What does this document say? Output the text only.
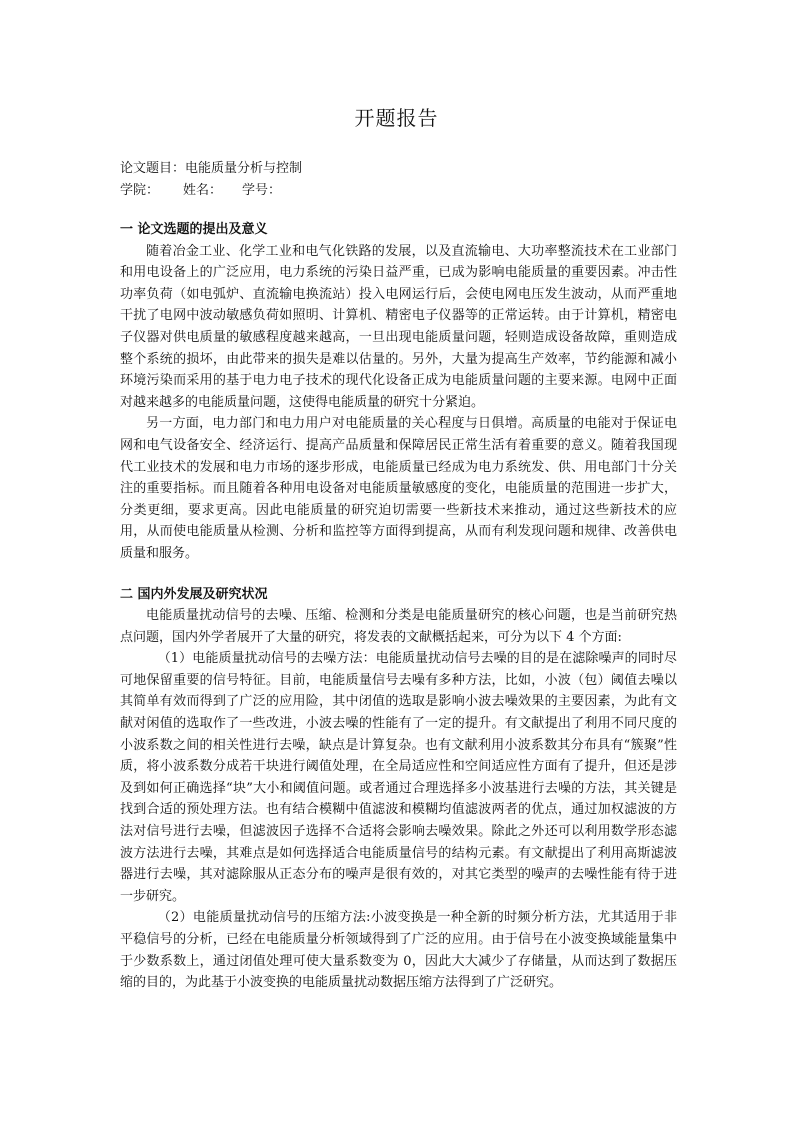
开题报告
论文题目：电能质量分析与控制
学院： 姓名： 学号：

一 论文选题的提出及意义

随着冶金工业、化学工业和电气化铁路的发展，以及直流输电、大功率整流技术在工业部门和用电设备上的广泛应用，电力系统的污染日益严重，已成为影响电能质量的重要因素。冲击性功率负荷（如电弧炉、直流输电换流站）投入电网运行后，会使电网电压发生波动，从而严重地干扰了电网中波动敏感负荷如照明、计算机、精密电子仪器等的正常运转。由于计算机，精密电子仪器对供电质量的敏感程度越来越高，一旦出现电能质量问题，轻则造成设备故障，重则造成整个系统的损坏，由此带来的损失是难以估量的。另外，大量为提高生产效率，节约能源和减小环境污染而采用的基于电力电子技术的现代化设备正成为电能质量问题的主要来源。电网中正面对越来越多的电能质量问题，这使得电能质量的研究十分紧迫。

另一方面，电力部门和电力用户对电能质量的关心程度与日俱增。高质量的电能对于保证电网和电气设备安全、经济运行、提高产品质量和保障居民正常生活有着重要的意义。随着我国现代工业技术的发展和电力市场的逐步形成，电能质量已经成为电力系统发、供、用电部门十分关注的重要指标。而且随着各种用电设备对电能质量敏感度的变化，电能质量的范围进一步扩大，分类更细，要求更高。因此电能质量的研究迫切需要一些新技术来推动，通过这些新技术的应用，从而使电能质量从检测、分析和监控等方面得到提高，从而有利发现问题和规律、改善供电质量和服务。

二 国内外发展及研究状况

电能质量扰动信号的去噪、压缩、检测和分类是电能质量研究的核心问题，也是当前研究热点问题，国内外学者展开了大量的研究，将发表的文献概括起来，可分为以下 4 个方面:

（1）电能质量扰动信号的去噪方法：电能质量扰动信号去噪的目的是在滤除噪声的同时尽可地保留重要的信号特征。目前，电能质量信号去噪有多种方法，比如，小波（包）阈值去噪以其简单有效而得到了广泛的应用险，其中闭值的选取是影响小波去噪效果的主要因素，为此有文献对闲值的选取作了一些改进，小波去噪的性能有了一定的提升。有文献提出了利用不同尺度的小波系数之间的相关性进行去噪，缺点是计算复杂。也有文献利用小波系数其分布具有“簇聚”性质，将小波系数分成若干块进行阈值处理，在全局适应性和空间适应性方面有了提升，但还是涉及到如何正确选择“块”大小和阈值问题。或者通过合理选择多小波基进行去噪的方法，其关键是找到合适的预处理方法。也有结合模糊中值滤波和模糊均值滤波两者的优点，通过加权滤波的方法对信号进行去噪，但滤波因子选择不合适将会影响去噪效果。除此之外还可以利用数学形态滤波方法进行去噪，其难点是如何选择适合电能质量信号的结构元素。有文献提出了利用高斯滤波器进行去噪，其对滤除服从正态分布的噪声是很有效的，对其它类型的噪声的去噪性能有待于进一步研究。

（2）电能质量扰动信号的压缩方法:小波变换是一种全新的时频分析方法，尤其适用于非平稳信号的分析，已经在电能质量分析领域得到了广泛的应用。由于信号在小波变换域能量集中于少数系数上，通过闭值处理可使大量系数变为 0，因此大大减少了存储量，从而达到了数据压缩的目的，为此基于小波变换的电能质量扰动数据压缩方法得到了广泛研究。
